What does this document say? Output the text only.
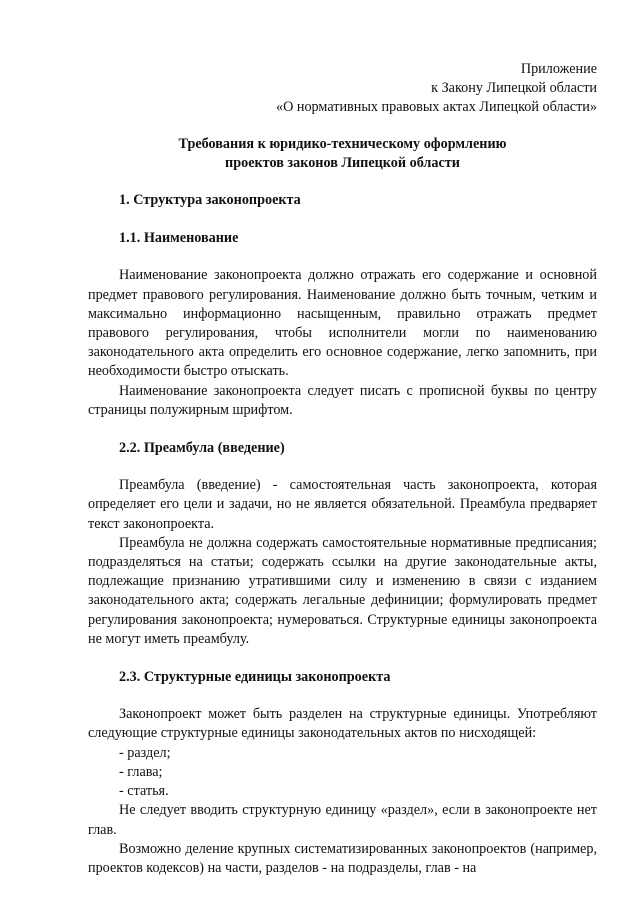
Приложение
к Закону Липецкой области
«О нормативных правовых актах Липецкой области»
Требования к юридико-техническому оформлению
проектов законов Липецкой области
1. Структура законопроекта
1.1. Наименование

Наименование законопроекта должно отражать его содержание и основной предмет правового регулирования. Наименование должно быть точным, четким и максимально информационно насыщенным, правильно отражать предмет правового регулирования, чтобы исполнители могли по наименованию законодательного акта определить его основное содержание, легко запомнить, при необходимости быстро отыскать.

Наименование законопроекта следует писать с прописной буквы по центру страницы полужирным шрифтом.

2.2. Преамбула (введение)

Преамбула (введение) - самостоятельная часть законопроекта, которая определяет его цели и задачи, но не является обязательной. Преамбула предваряет текст законопроекта.

Преамбула не должна содержать самостоятельные нормативные предписания; подразделяться на статьи; содержать ссылки на другие законодательные акты, подлежащие признанию утратившими силу и изменению в связи с изданием законодательного акта; содержать легальные дефиниции; формулировать предмет регулирования законопроекта; нумероваться. Структурные единицы законопроекта не могут иметь преамбулу.

2.3. Структурные единицы законопроекта

Законопроект может быть разделен на структурные единицы. Употребляют следующие структурные единицы законодательных актов по нисходящей:

- раздел;
- глава;
- статья.

Не следует вводить структурную единицу «раздел», если в законопроекте нет глав.

Возможно деление крупных систематизированных законопроектов (например, проектов кодексов) на части, разделов - на подразделы, глав - на
